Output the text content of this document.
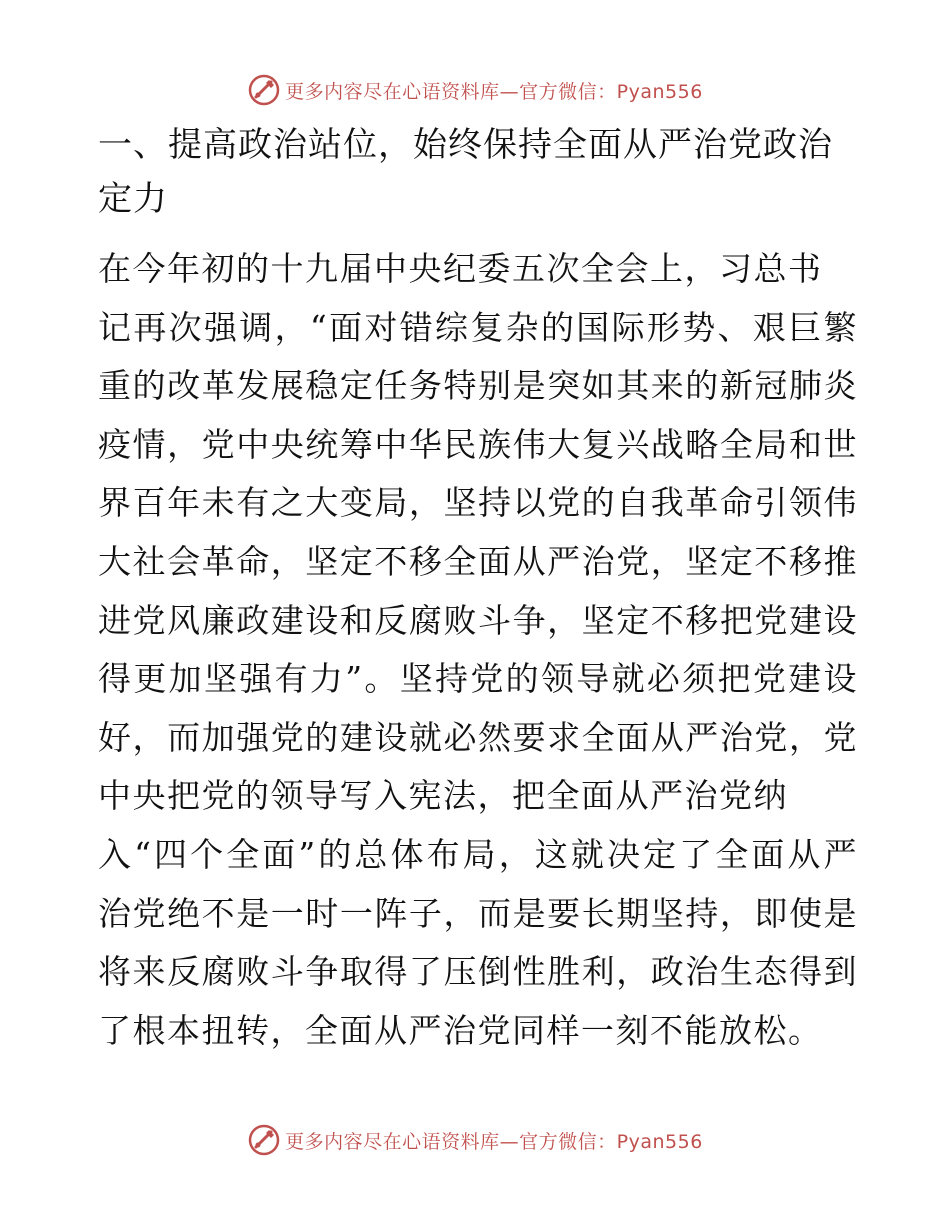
更多内容尽在心语资料库—官方微信：Pyan556
一、提高政治站位，始终保持全面从严治党政治
定力

在今年初的十九届中央纪委五次全会上，习总书

记再次强调，“面对错综复杂的国际形势、艰巨繁

重的改革发展稳定任务特别是突如其来的新冠肺炎

疫情，党中央统筹中华民族伟大复兴战略全局和世

界百年未有之大变局，坚持以党的自我革命引领伟

大社会革命，坚定不移全面从严治党，坚定不移推

进党风廉政建设和反腐败斗争，坚定不移把党建设

得更加坚强有力”。坚持党的领导就必须把党建设

好，而加强党的建设就必然要求全面从严治党，党

中央把党的领导写入宪法，把全面从严治党纳

入“四个全面”的总体布局，这就决定了全面从严

治党绝不是一时一阵子，而是要长期坚持，即使是

将来反腐败斗争取得了压倒性胜利，政治生态得到

了根本扭转，全面从严治党同样一刻不能放松。

更多内容尽在心语资料库—官方微信：Pyan556
